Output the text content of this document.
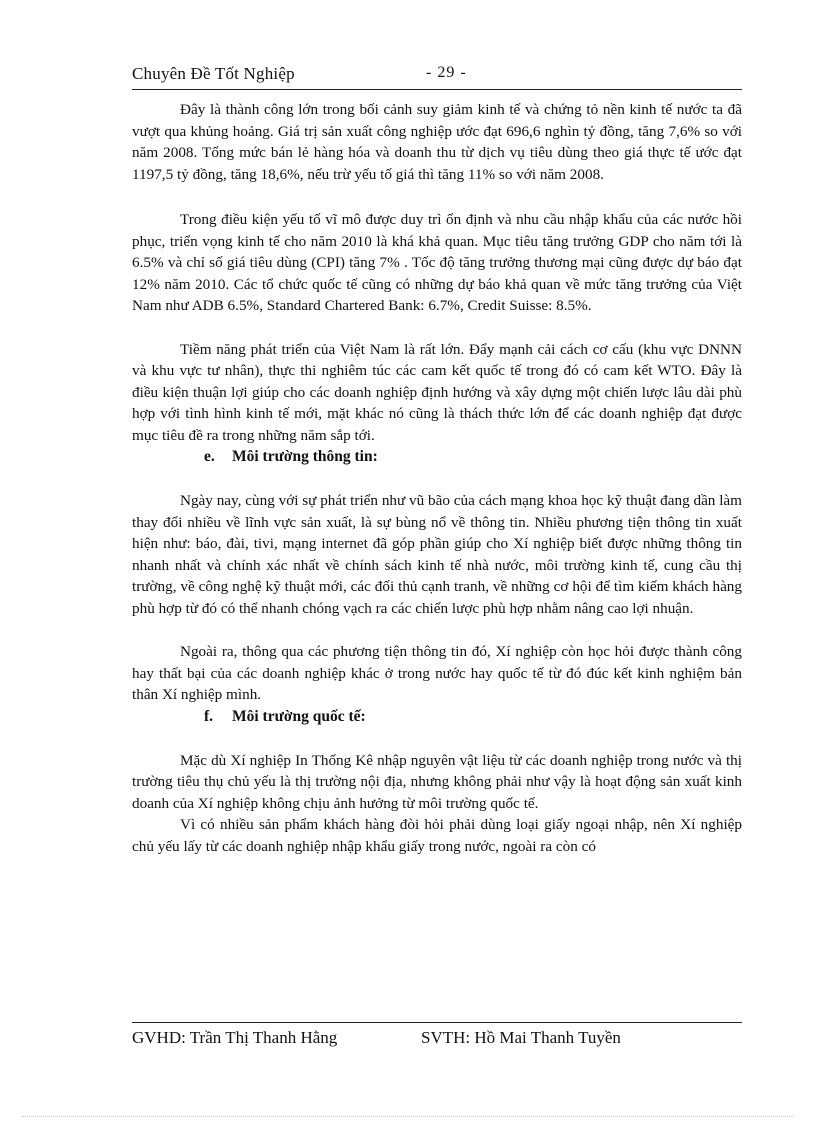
Chuyên Đề Tốt Nghiệp	- 29 -

Đây là thành công lớn trong bối cảnh suy giảm kinh tế và chứng tỏ nền kinh tế nước ta đã vượt qua khủng hoảng. Giá trị sản xuất công nghiệp ước đạt 696,6 nghìn tỷ đồng, tăng 7,6% so với năm 2008. Tổng mức bán lẻ hàng hóa và doanh thu từ dịch vụ tiêu dùng theo giá thực tế ước đạt 1197,5 tỷ đồng, tăng 18,6%, nếu trừ yếu tố giá thì tăng 11% so với năm 2008.

Trong điều kiện yếu tố vĩ mô được duy trì ổn định và nhu cầu nhập khẩu của các nước hồi phục, triển vọng kinh tế cho năm 2010 là khá khả quan. Mục tiêu tăng trưởng GDP cho năm tới là 6.5% và chỉ số giá tiêu dùng (CPI) tăng 7% . Tốc độ tăng trưởng thương mại cũng được dự báo đạt 12% năm 2010. Các tổ chức quốc tế cũng có những dự báo khả quan về mức tăng trưởng của Việt Nam như ADB 6.5%, Standard Chartered Bank: 6.7%, Credit Suisse: 8.5%.

Tiềm năng phát triển của Việt Nam là rất lớn. Đẩy mạnh cải cách cơ cấu (khu vực DNNN và khu vực tư nhân), thực thi nghiêm túc các cam kết quốc tế trong đó có cam kết WTO. Đây là điều kiện thuận lợi giúp cho các doanh nghiệp định hướng và xây dựng một chiến lược lâu dài phù hợp với tình hình kinh tế mới, mặt khác nó cũng là thách thức lớn để các doanh nghiệp đạt được mục tiêu đề ra trong những năm sắp tới.

e. Môi trường thông tin:

Ngày nay, cùng với sự phát triển như vũ bão của cách mạng khoa học kỹ thuật đang dần làm thay đổi nhiều về lĩnh vực sản xuất, là sự bùng nổ về thông tin. Nhiều phương tiện thông tin xuất hiện như: báo, đài, tivi, mạng internet đã góp phần giúp cho Xí nghiệp biết được những thông tin nhanh nhất và chính xác nhất về chính sách kinh tế nhà nước, môi trường kinh tế, cung cầu thị trường, về công nghệ kỹ thuật mới, các đối thủ cạnh tranh, về những cơ hội để tìm kiếm khách hàng phù hợp từ đó có thể nhanh chóng vạch ra các chiến lược phù hợp nhằm nâng cao lợi nhuận.

Ngoài ra, thông qua các phương tiện thông tin đó, Xí nghiệp còn học hỏi được thành công hay thất bại của các doanh nghiệp khác ở trong nước hay quốc tế từ đó đúc kết kinh nghiệm bản thân Xí nghiệp mình.

f. Môi trường quốc tế:

Mặc dù Xí nghiệp In Thống Kê nhập nguyên vật liệu từ các doanh nghiệp trong nước và thị trường tiêu thụ chủ yếu là thị trường nội địa, nhưng không phải như vậy là hoạt động sản xuất kinh doanh của Xí nghiệp không chịu ảnh hưởng từ môi trường quốc tế.

Vì có nhiều sản phẩm khách hàng đòi hỏi phải dùng loại giấy ngoại nhập, nên Xí nghiệp chủ yếu lấy từ các doanh nghiệp nhập khẩu giấy trong nước, ngoài ra còn có

GVHD: Trần Thị Thanh Hằng	SVTH: Hồ Mai Thanh Tuyền
